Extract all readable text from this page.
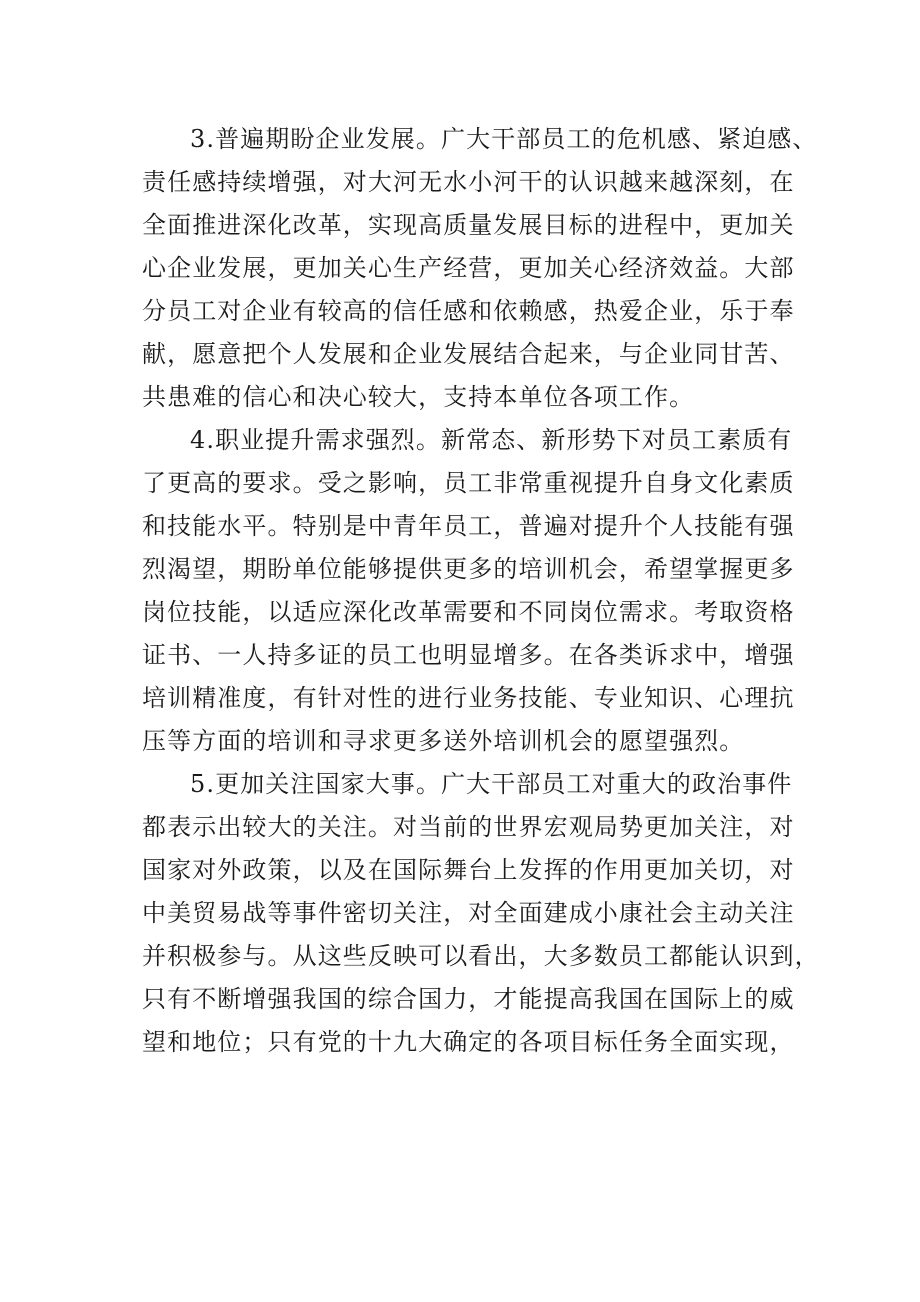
3.普遍期盼企业发展。广大干部员工的危机感、紧迫感、
责任感持续增强，对大河无水小河干的认识越来越深刻，在
全面推进深化改革，实现高质量发展目标的进程中，更加关
心企业发展，更加关心生产经营，更加关心经济效益。大部
分员工对企业有较高的信任感和依赖感，热爱企业，乐于奉
献，愿意把个人发展和企业发展结合起来，与企业同甘苦、
共患难的信心和决心较大，支持本单位各项工作。
4.职业提升需求强烈。新常态、新形势下对员工素质有
了更高的要求。受之影响，员工非常重视提升自身文化素质
和技能水平。特别是中青年员工，普遍对提升个人技能有强
烈渴望，期盼单位能够提供更多的培训机会，希望掌握更多
岗位技能，以适应深化改革需要和不同岗位需求。考取资格
证书、一人持多证的员工也明显增多。在各类诉求中，增强
培训精准度，有针对性的进行业务技能、专业知识、心理抗
压等方面的培训和寻求更多送外培训机会的愿望强烈。
5.更加关注国家大事。广大干部员工对重大的政治事件
都表示出较大的关注。对当前的世界宏观局势更加关注，对
国家对外政策，以及在国际舞台上发挥的作用更加关切，对
中美贸易战等事件密切关注，对全面建成小康社会主动关注
并积极参与。从这些反映可以看出，大多数员工都能认识到，
只有不断增强我国的综合国力，才能提高我国在国际上的威
望和地位；只有党的十九大确定的各项目标任务全面实现，
